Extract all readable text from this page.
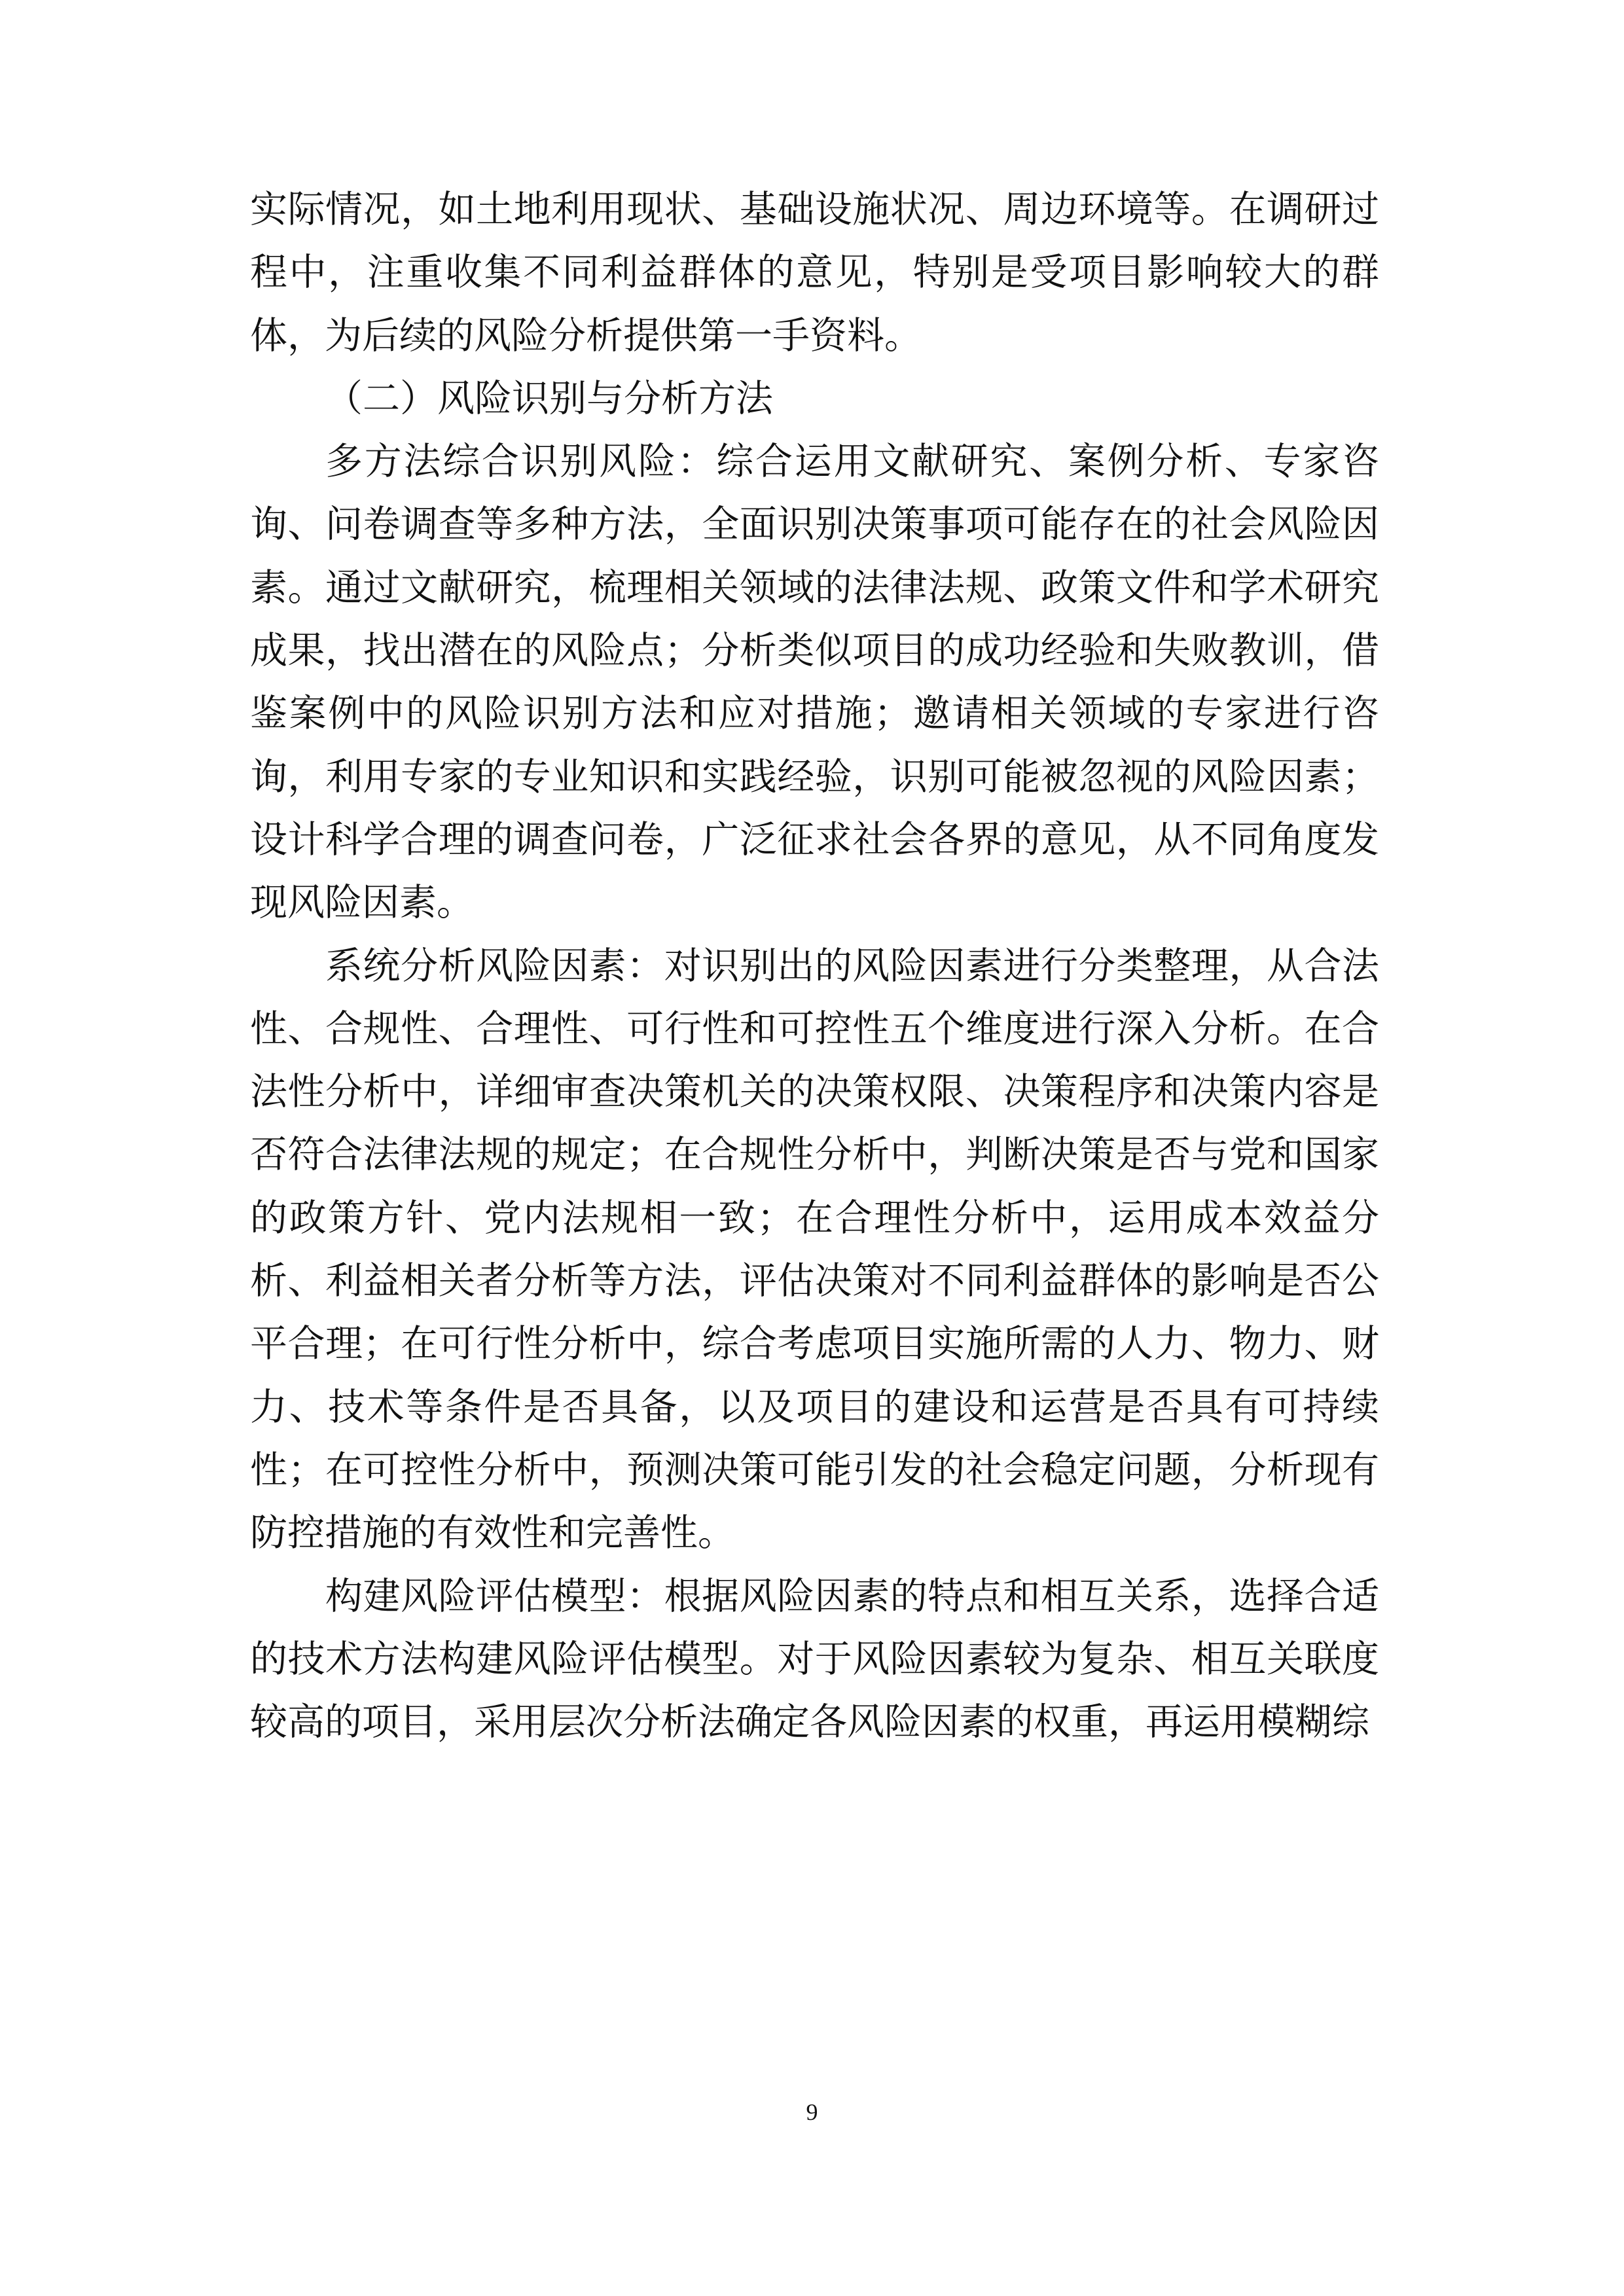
实际情况，如土地利用现状、基础设施状况、周边环境等。在调研过程中，注重收集不同利益群体的意见，特别是受项目影响较大的群体，为后续的风险分析提供第一手资料。

（二）风险识别与分析方法

多方法综合识别风险：综合运用文献研究、案例分析、专家咨询、问卷调查等多种方法，全面识别决策事项可能存在的社会风险因素。通过文献研究，梳理相关领域的法律法规、政策文件和学术研究成果，找出潜在的风险点；分析类似项目的成功经验和失败教训，借鉴案例中的风险识别方法和应对措施；邀请相关领域的专家进行咨询，利用专家的专业知识和实践经验，识别可能被忽视的风险因素；设计科学合理的调查问卷，广泛征求社会各界的意见，从不同角度发现风险因素。

系统分析风险因素：对识别出的风险因素进行分类整理，从合法性、合规性、合理性、可行性和可控性五个维度进行深入分析。在合法性分析中，详细审查决策机关的决策权限、决策程序和决策内容是否符合法律法规的规定；在合规性分析中，判断决策是否与党和国家的政策方针、党内法规相一致；在合理性分析中，运用成本效益分析、利益相关者分析等方法，评估决策对不同利益群体的影响是否公平合理；在可行性分析中，综合考虑项目实施所需的人力、物力、财力、技术等条件是否具备，以及项目的建设和运营是否具有可持续性；在可控性分析中，预测决策可能引发的社会稳定问题，分析现有防控措施的有效性和完善性。

构建风险评估模型：根据风险因素的特点和相互关系，选择合适的技术方法构建风险评估模型。对于风险因素较为复杂、相互关联度较高的项目，采用层次分析法确定各风险因素的权重，再运用模糊综

9
